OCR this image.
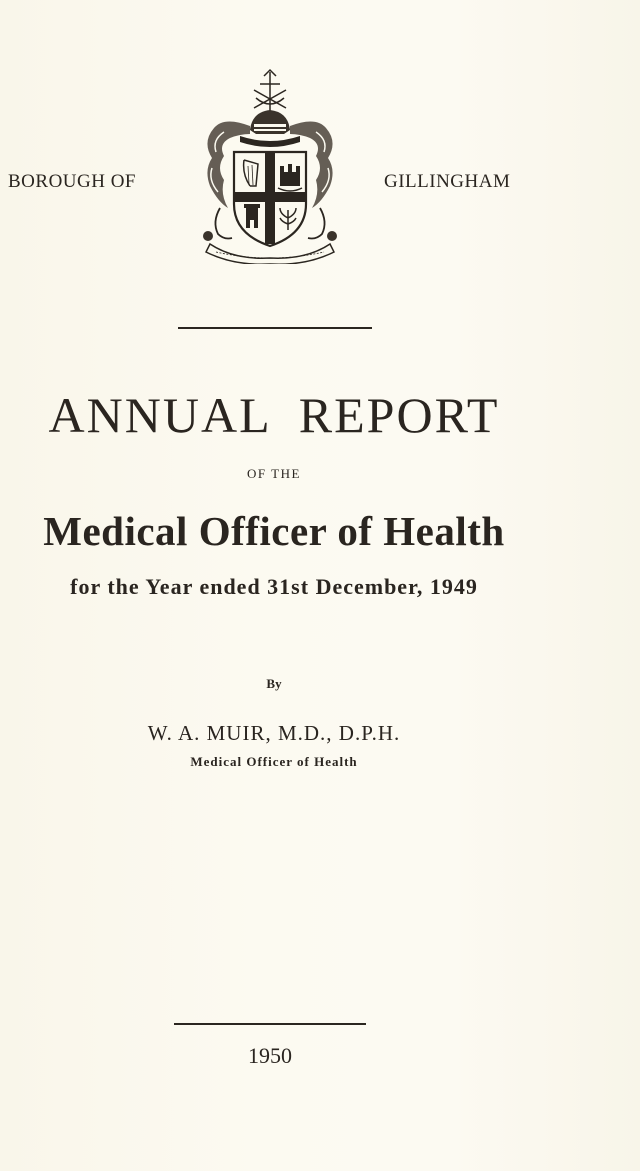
BOROUGH OF	GILLINGHAM
ANNUAL  REPORT
OF THE
Medical Officer of Health
for the Year ended 31st December, 1949
By
W. A. MUIR, M.D., D.P.H.
Medical Officer of Health
1950
